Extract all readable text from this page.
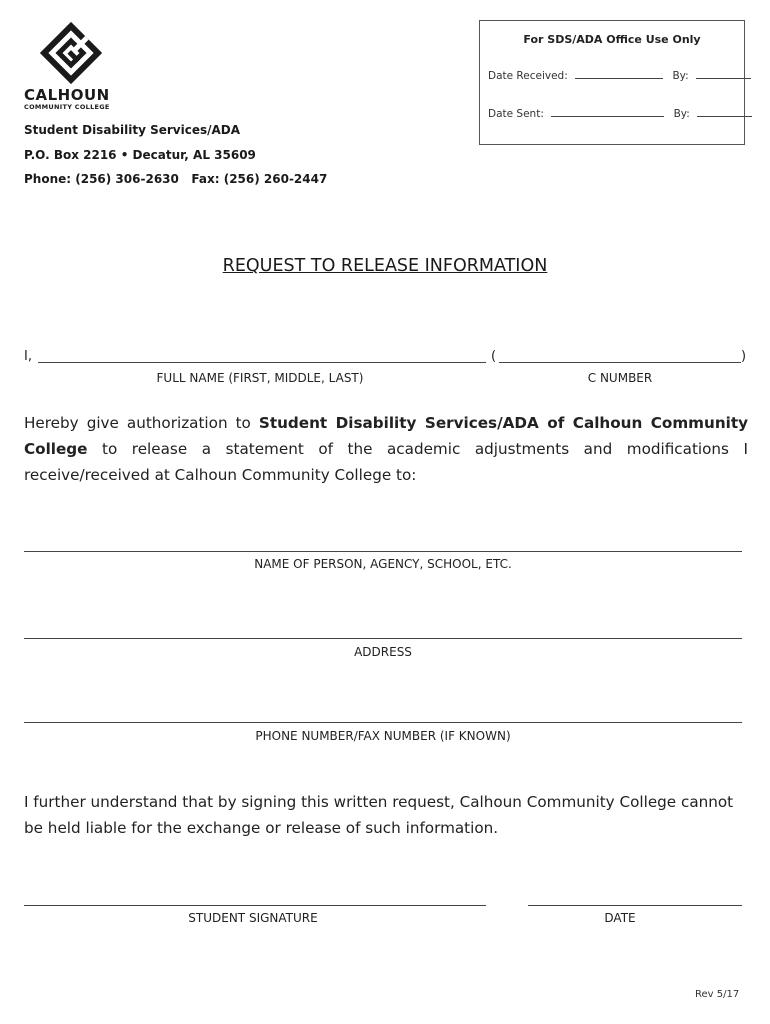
CALHOUN
COMMUNITY COLLEGE
Student Disability Services/ADA
P.O. Box 2216 • Decatur, AL 35609
Phone: (256) 306-2630   Fax: (256) 260-2447
For SDS/ADA Office Use Only
Date Received:	By:
Date Sent:	By:
REQUEST TO RELEASE INFORMATION
I,	(	)
FULL NAME (FIRST, MIDDLE, LAST)	C NUMBER
Hereby give authorization to Student Disability Services/ADA of Calhoun Community College to release a statement of the academic adjustments and modifications I receive/received at Calhoun Community College to:
NAME OF PERSON, AGENCY, SCHOOL, ETC.
ADDRESS
PHONE NUMBER/FAX NUMBER (IF KNOWN)
I further understand that by signing this written request, Calhoun Community College cannot be held liable for the exchange or release of such information.
STUDENT SIGNATURE	DATE
Rev 5/17
